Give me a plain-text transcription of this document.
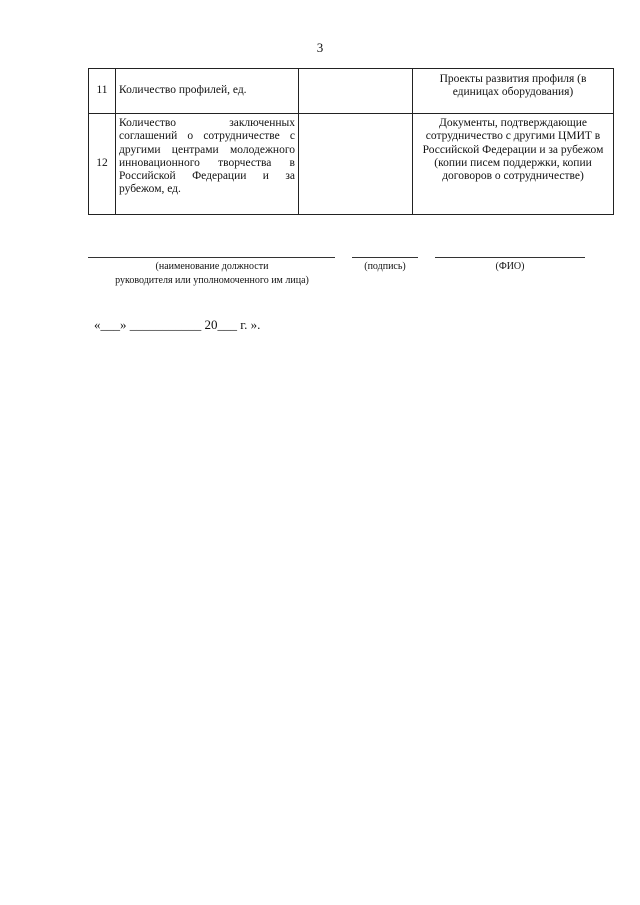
3
11	Количество профилей, ед.		Проекты развития профиля (в единицах оборудования)
12	Количество заключенных соглашений о сотрудничестве с другими центрами молодежного инновационного творчества в Российской Федерации и за рубежом, ед.		Документы, подтверждающие сотрудничество с другими ЦМИТ в Российской Федерации и за рубежом (копии писем поддержки, копии договоров о сотрудничестве)
(наименование должности
руководителя или уполномоченного им лица)
(подпись)	(ФИО)
«___» ___________ 20___ г. ».
